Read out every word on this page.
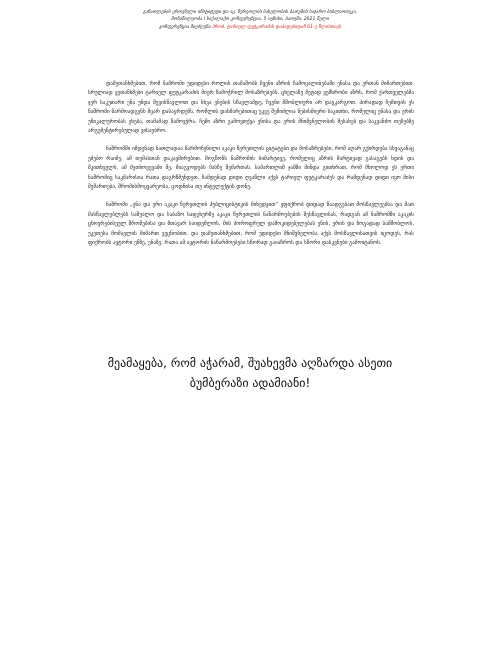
განათლების ეროვნული ინსტიტუტი და აკ. წერეთლის სახელობის ბათუმის საჯარო ბიბლიოთეკა,
მონაწილეობა I საქალაქო კონფერენცია, 5 ივნისი, ბათუმი, 2021 წელი
კონფერენცია მიეძღვნა პრობ. ტარიელ ფუტკარაძის დაბადებიდან 61-ე წლისთავს

დამეთანხმებით, რომ ნამრომი უდიდესი როლის თამაშობს ჩვენი აზრის ჩამოყალიბებაში ენასა და ერთან მიმართებით. სრულიად ვეთანხმები ტარიელ ფუტკარაძის მიერ წამოჭრილ მოსაზრებებს. ცხელაზე მეტად ვემხრობი აზრს, რომ ქართველებმა ჯერ საკუთარი ენა უნდა შევისწავლოთ და სხვა ენების სწავლამდე, ჩვენი მშობლიური არ დავკარგოთ. პირადად ჩემთვის ეს ნაშრომი წარმოადგენს მყარ დასაყრდენს, რომლის დახმარებითაც უკვე შემიძლია ნებისმიერი საკითხი, რომელიც ენასა და ერის უნიკალურობას ეხება, თამამად წამოვჭრა. ჩემი აზრი გამოვთქვა ენისა და ერის მნიშვნელობის შესახებ და საკვანძო თეზებზე არგუმენტირებულად ვისაუბრო.

ნაშრომში იმდენად ნათლადაა წარმოჩენილი აკაკი წერეთლის ციტატები და მოსაზრებები, რომ აღარ გქირდება სხვაგანაც ეძებო რაიმე, ამ თემასთან დაკავშირებით. მოგწონს ნაშრომის სიმარტივე, რომელიც აზრის მარტივად გასაგებს ხდის და მკითხველს, ამ მეთხოვევამი შე, მიაგვოდებს მასზე შემართას. სამართლიშ ჯამში მინდა გითხრათ, რომ მხოლოდ ეს ერთი ნაშრომიც საკმარისია რათა დაგრწმუნდეთ, ჩამდენად დიდი ღვაწლი აქვს ტარიელ ფუტკარაძეს და რამდენად დიდი იყო მისი შემართება, შრომისმოყვარეობა, ცოდნისა თუ ინტელექტის დონე.

ნაშრომი „ენა და ერი აკაკი წერეთლის პუბლიცისტიკის მიხედვით“ ვფიქრობ დიდად წაადგებათ მოსწავლეებსა და მათ მასწავლებლებს საშუალო და საბაზო საფეხურზე აკაკი წერეთლის ნაწარმოებების შესწავლისას, რადგან ამ ნაშრომში აკაკის ცხოვრებისეულ შრომებისა და მთავარ საიდუმლოს, მის პოროფრულ დამოკიდებულებას ენის, ერის და ზოგადად სამშობლოს, უკეთესა მომავლის მიმართ ვეცნობით. და დამეთანხმებით, რომ უდიდესი მნიშვნელობა აქვს მოსწავლისათვის იცოდეს, რას ფიქრობს ავტორი ენზე, ენაზე, რათა ამ ავტორის ნაწარმოებები სწორად გაიაზროს და სწორი დასკვნები გამოიტანოს.

მეამაყება, რომ აჭარამ, შუახევმა აღზარდა ასეთი
ბუმბერაზი ადამიანი!
